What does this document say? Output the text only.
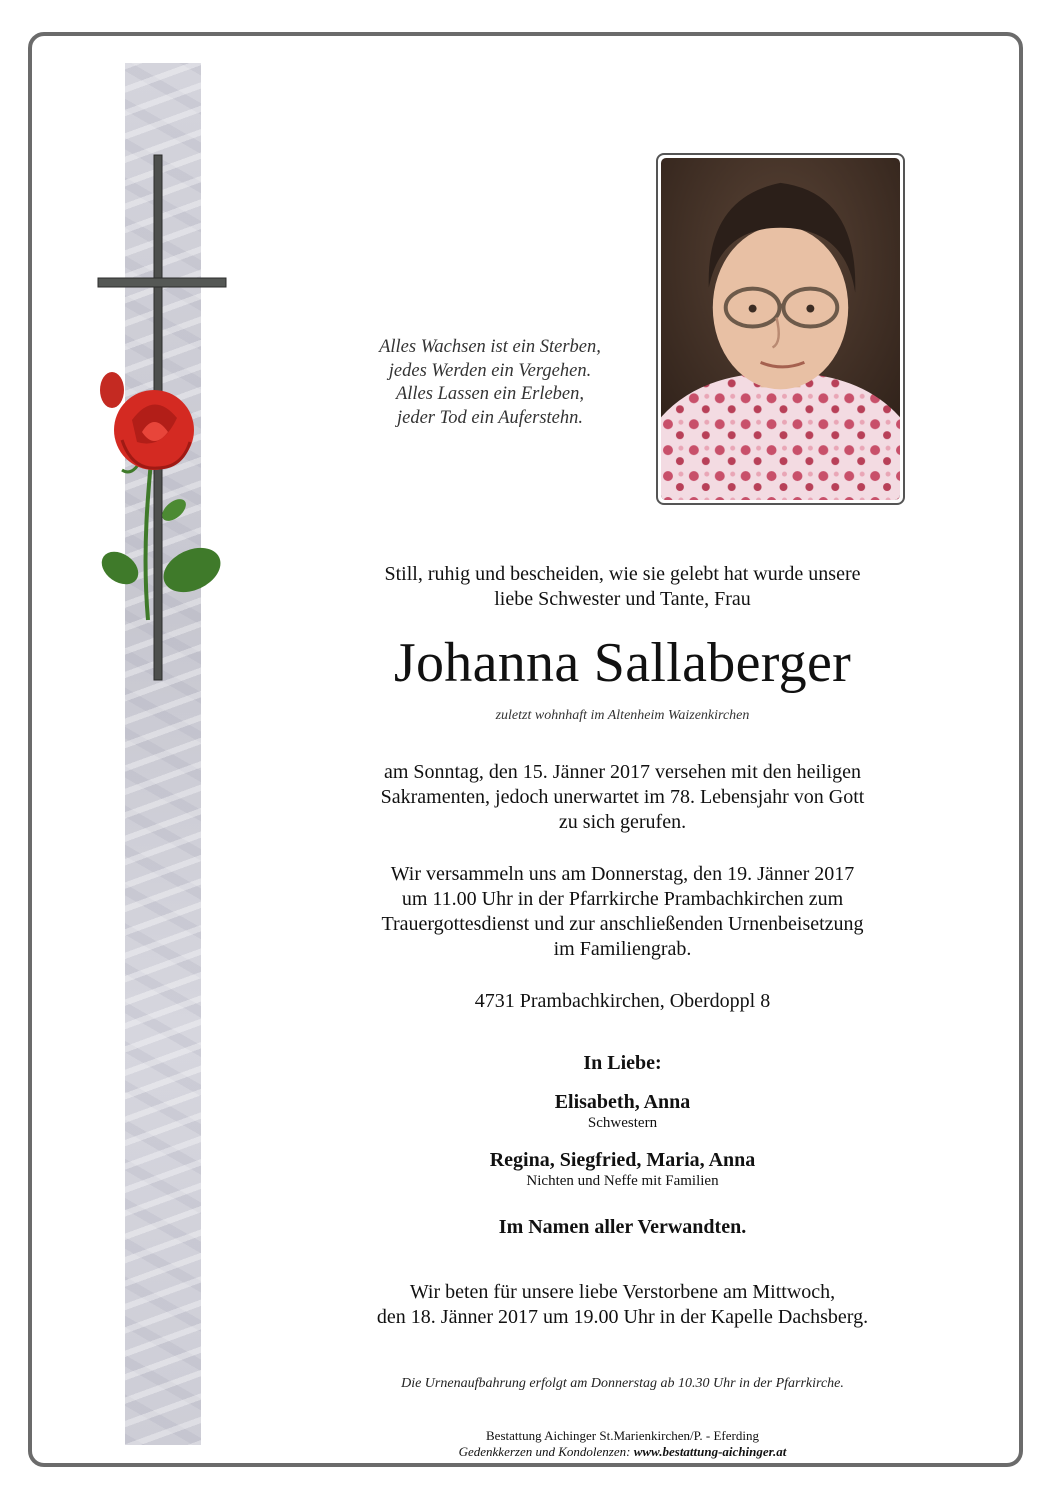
Alles Wachsen ist ein Sterben,
jedes Werden ein Vergehen.
Alles Lassen ein Erleben,
jeder Tod ein Auferstehn.
Still, ruhig und bescheiden, wie sie gelebt hat wurde unsere
liebe Schwester und Tante, Frau
Johanna Sallaberger
zuletzt wohnhaft im Altenheim Waizenkirchen
am Sonntag, den 15. Jänner 2017 versehen mit den heiligen
Sakramenten, jedoch unerwartet im 78. Lebensjahr von Gott
zu sich gerufen.
Wir versammeln uns am Donnerstag, den 19. Jänner 2017
um 11.00 Uhr in der Pfarrkirche Prambachkirchen zum
Trauergottesdienst und zur anschließenden Urnenbeisetzung
im Familiengrab.
4731 Prambachkirchen, Oberdoppl 8
In Liebe:
Elisabeth, Anna
Schwestern
Regina, Siegfried, Maria, Anna
Nichten und Neffe mit Familien
Im Namen aller Verwandten.
Wir beten für unsere liebe Verstorbene am Mittwoch,
den 18. Jänner 2017 um 19.00 Uhr in der Kapelle Dachsberg.
Die Urnenaufbahrung erfolgt am Donnerstag ab 10.30 Uhr in der Pfarrkirche.
Bestattung Aichinger St.Marienkirchen/P. - Eferding
Gedenkkerzen und Kondolenzen: www.bestattung-aichinger.at
